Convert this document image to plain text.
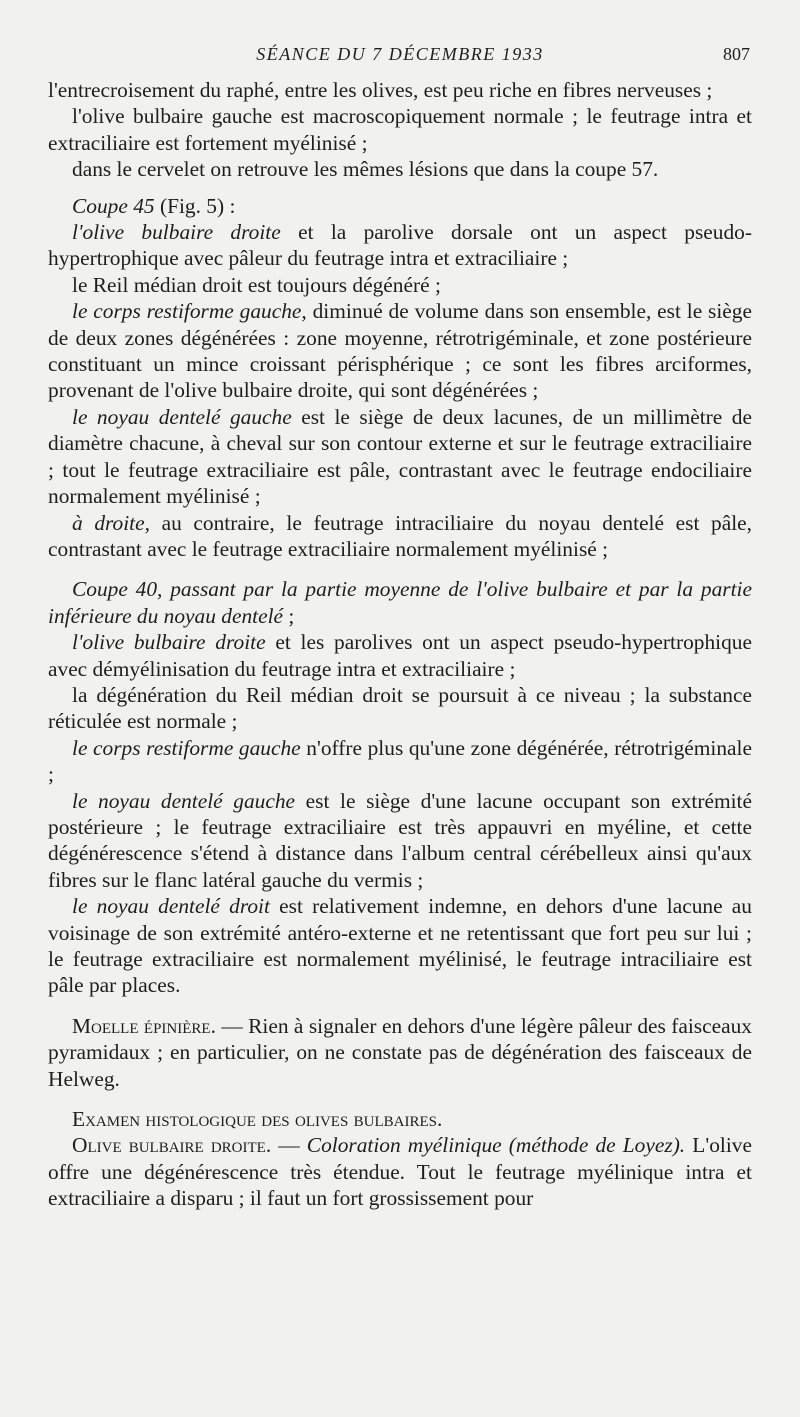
SÉANCE DU 7 DÉCEMBRE 1933	807

l'entrecroisement du raphé, entre les olives, est peu riche en fibres nerveuses ;

l'olive bulbaire gauche est macroscopiquement normale ; le feutrage intra et extraciliaire est fortement myélinisé ;

dans le cervelet on retrouve les mêmes lésions que dans la coupe 57.

Coupe 45 (Fig. 5) :

l'olive bulbaire droite et la parolive dorsale ont un aspect pseudo-hypertrophique avec pâleur du feutrage intra et extraciliaire ;

le Reil médian droit est toujours dégénéré ;

le corps restiforme gauche, diminué de volume dans son ensemble, est le siège de deux zones dégénérées : zone moyenne, rétrotrigéminale, et zone postérieure constituant un mince croissant périsphérique ; ce sont les fibres arciformes, provenant de l'olive bulbaire droite, qui sont dégénérées ;

le noyau dentelé gauche est le siège de deux lacunes, de un millimètre de diamètre chacune, à cheval sur son contour externe et sur le feutrage extraciliaire ; tout le feutrage extraciliaire est pâle, contrastant avec le feutrage endociliaire normalement myélinisé ;

à droite, au contraire, le feutrage intraciliaire du noyau dentelé est pâle, contrastant avec le feutrage extraciliaire normalement myélinisé ;

Coupe 40, passant par la partie moyenne de l'olive bulbaire et par la partie inférieure du noyau dentelé ;

l'olive bulbaire droite et les parolives ont un aspect pseudo-hypertrophique avec démyélinisation du feutrage intra et extraciliaire ;

la dégénération du Reil médian droit se poursuit à ce niveau ; la substance réticulée est normale ;

le corps restiforme gauche n'offre plus qu'une zone dégénérée, rétrotrigéminale ;

le noyau dentelé gauche est le siège d'une lacune occupant son extrémité postérieure ; le feutrage extraciliaire est très appauvri en myéline, et cette dégénérescence s'étend à distance dans l'album central cérébelleux ainsi qu'aux fibres sur le flanc latéral gauche du vermis ;

le noyau dentelé droit est relativement indemne, en dehors d'une lacune au voisinage de son extrémité antéro-externe et ne retentissant que fort peu sur lui ; le feutrage extraciliaire est normalement myélinisé, le feutrage intraciliaire est pâle par places.

Moelle épinière. — Rien à signaler en dehors d'une légère pâleur des faisceaux pyramidaux ; en particulier, on ne constate pas de dégénération des faisceaux de Helweg.

Examen histologique des olives bulbaires.

Olive bulbaire droite. — Coloration myélinique (méthode de Loyez). L'olive offre une dégénérescence très étendue. Tout le feutrage myélinique intra et extraciliaire a disparu ; il faut un fort grossissement pour
